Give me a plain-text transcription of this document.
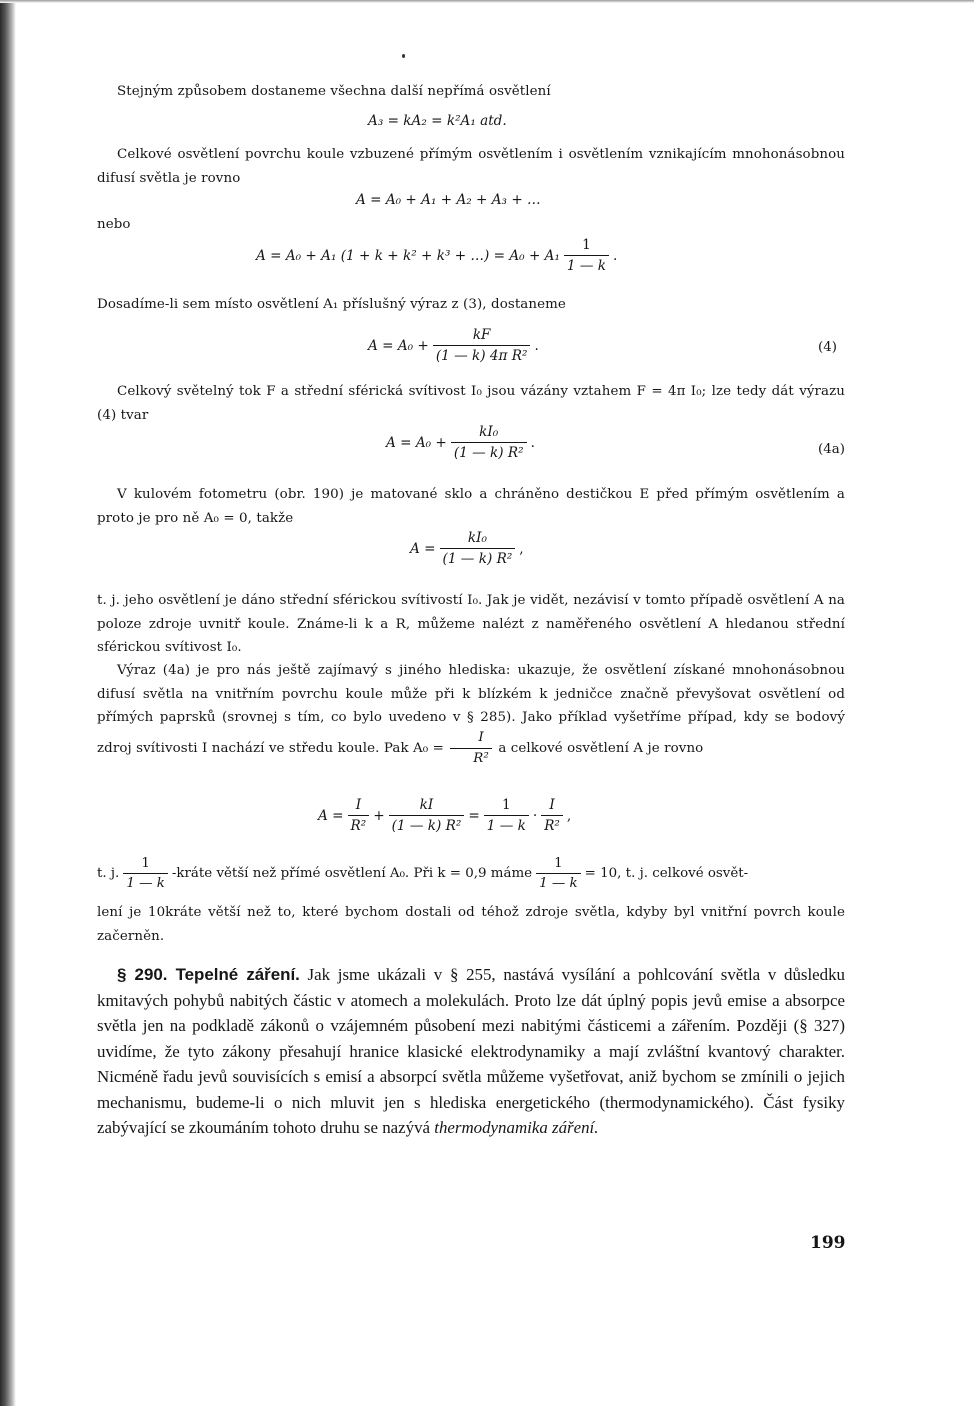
Stejným způsobem dostaneme všechna další nepřímá osvětlení

A₃ = kA₂ = k²A₁ atd.

Celkové osvětlení povrchu koule vzbuzené přímým osvětlením i osvětlením vznikajícím mnohonásobnou difusí světla je rovno

A = A₀ + A₁ + A₂ + A₃ + …

nebo

A = A₀ + A₁ (1 + k + k² + k³ + …) = $A_0 + A_1 \frac{1}{1 — k}$ .

Dosadíme-li sem místo osvětlení A₁ příslušný výraz z (3), dostaneme

$A = A_0 + \frac{kF}{\text{(1 — k) 4π R²}}$ .	(4)

Celkový světelný tok F a střední sférická svítivost I₀ jsou vázány vztahem F = 4π I₀; lze tedy dát výrazu (4) tvar

$A = A_0 + \frac{\text{kI₀}}{\text{(1 — k) R²}}$ .	(4a)

V kulovém fotometru (obr. 190) je matované sklo a chráněno destičkou E před přímým osvětlením a proto je pro ně A₀ = 0, takže

$A = \frac{\text{kI₀}}{\text{(1 — k) R²}}$ ,

t. j. jeho osvětlení je dáno střední sférickou svítivostí I₀. Jak je vidět, nezávisí v tomto případě osvětlení A na poloze zdroje uvnitř koule. Známe-li k a R, můžeme nalézt z naměřeného osvětlení A hledanou střední sférickou svítivost I₀.

Výraz (4a) je pro nás ještě zajímavý s jiného hlediska: ukazuje, že osvětlení získané mnohonásobnou difusí světla na vnitřním povrchu koule může při k blízkém k jedničce značně převyšovat osvětlení od přímých paprsků (srovnej s tím, co bylo uvedeno v § 285). Jako příklad vyšetříme případ, kdy se bodový zdroj svítivosti I nachází ve středu koule. Pak $A_0 = \frac{I}{\text{R²}}$ a celkové osvětlení A je rovno

$A = \frac{I}{\text{R²}} + \frac{kI}{\text{(1 — k) R²}} = \frac{1}{1 — k} \cdot \frac{I}{\text{R²}}$ ,
t. j. $\frac{1}{1 — k}$ -kráte větší než přímé osvětlení A₀. Při k = 0,9 máme $\frac{1}{1 — k} = 10$, t. j. celkové osvět-

lení je 10kráte větší než to, které bychom dostali od téhož zdroje světla, kdyby byl vnitřní povrch koule začerněn.

§ 290. Tepelné záření. Jak jsme ukázali v § 255, nastává vysílání a pohlcování světla v důsledku kmitavých pohybů nabitých částic v atomech a molekulách. Proto lze dát úplný popis jevů emise a absorpce světla jen na podkladě zákonů o vzájemném působení mezi nabitými částicemi a zářením. Později (§ 327) uvidíme, že tyto zákony přesahují hranice klasické elektrodynamiky a mají zvláštní kvantový charakter. Nicméně řadu jevů souvisících s emisí a absorpcí světla můžeme vyšetřovat, aniž bychom se zmínili o jejich mechanismu, budeme-li o nich mluvit jen s hlediska energetického (thermodynamického). Část fysiky zabývající se zkoumáním tohoto druhu se nazývá thermodynamika záření.

199
